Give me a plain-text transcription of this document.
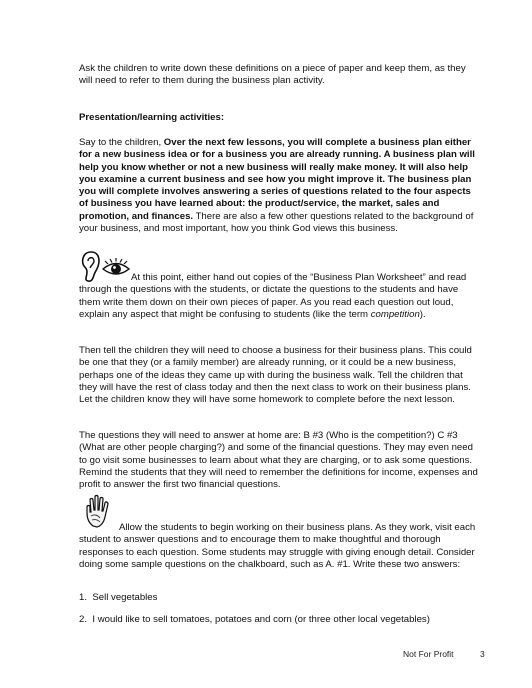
Ask the children to write down these definitions on a piece of paper and keep them, as they will need to refer to them during the business plan activity.

Presentation/learning activities:

Say to the children, Over the next few lessons, you will complete a business plan either for a new business idea or for a business you are already running. A business plan will help you know whether or not a new business will really make money. It will also help you examine a current business and see how you might improve it. The business plan you will complete involves answering a series of questions related to the four aspects of business you have learned about: the product/service, the market, sales and promotion, and finances. There are also a few other questions related to the background of your business, and most important, how you think God views this business.

At this point, either hand out copies of the “Business Plan Worksheet” and read through the questions with the students, or dictate the questions to the students and have them write them down on their own pieces of paper. As you read each question out loud, explain any aspect that might be confusing to students (like the term competition).

Then tell the children they will need to choose a business for their business plans. This could be one that they (or a family member) are already running, or it could be a new business, perhaps one of the ideas they came up with during the business walk. Tell the children that they will have the rest of class today and then the next class to work on their business plans. Let the children know they will have some homework to complete before the next lesson.

The questions they will need to answer at home are: B #3 (Who is the competition?) C #3 (What are other people charging?) and some of the financial questions. They may even need to go visit some businesses to learn about what they are charging, or to ask some questions. Remind the students that they will need to remember the definitions for income, expenses and profit to answer the first two financial questions.

Allow the students to begin working on their business plans. As they work, visit each student to answer questions and to encourage them to make thoughtful and thorough responses to each question. Some students may struggle with giving enough detail. Consider doing some sample questions on the chalkboard, such as A. #1. Write these two answers:

1. Sell vegetables

2. I would like to sell tomatoes, potatoes and corn (or three other local vegetables)

Not For Profit	3
